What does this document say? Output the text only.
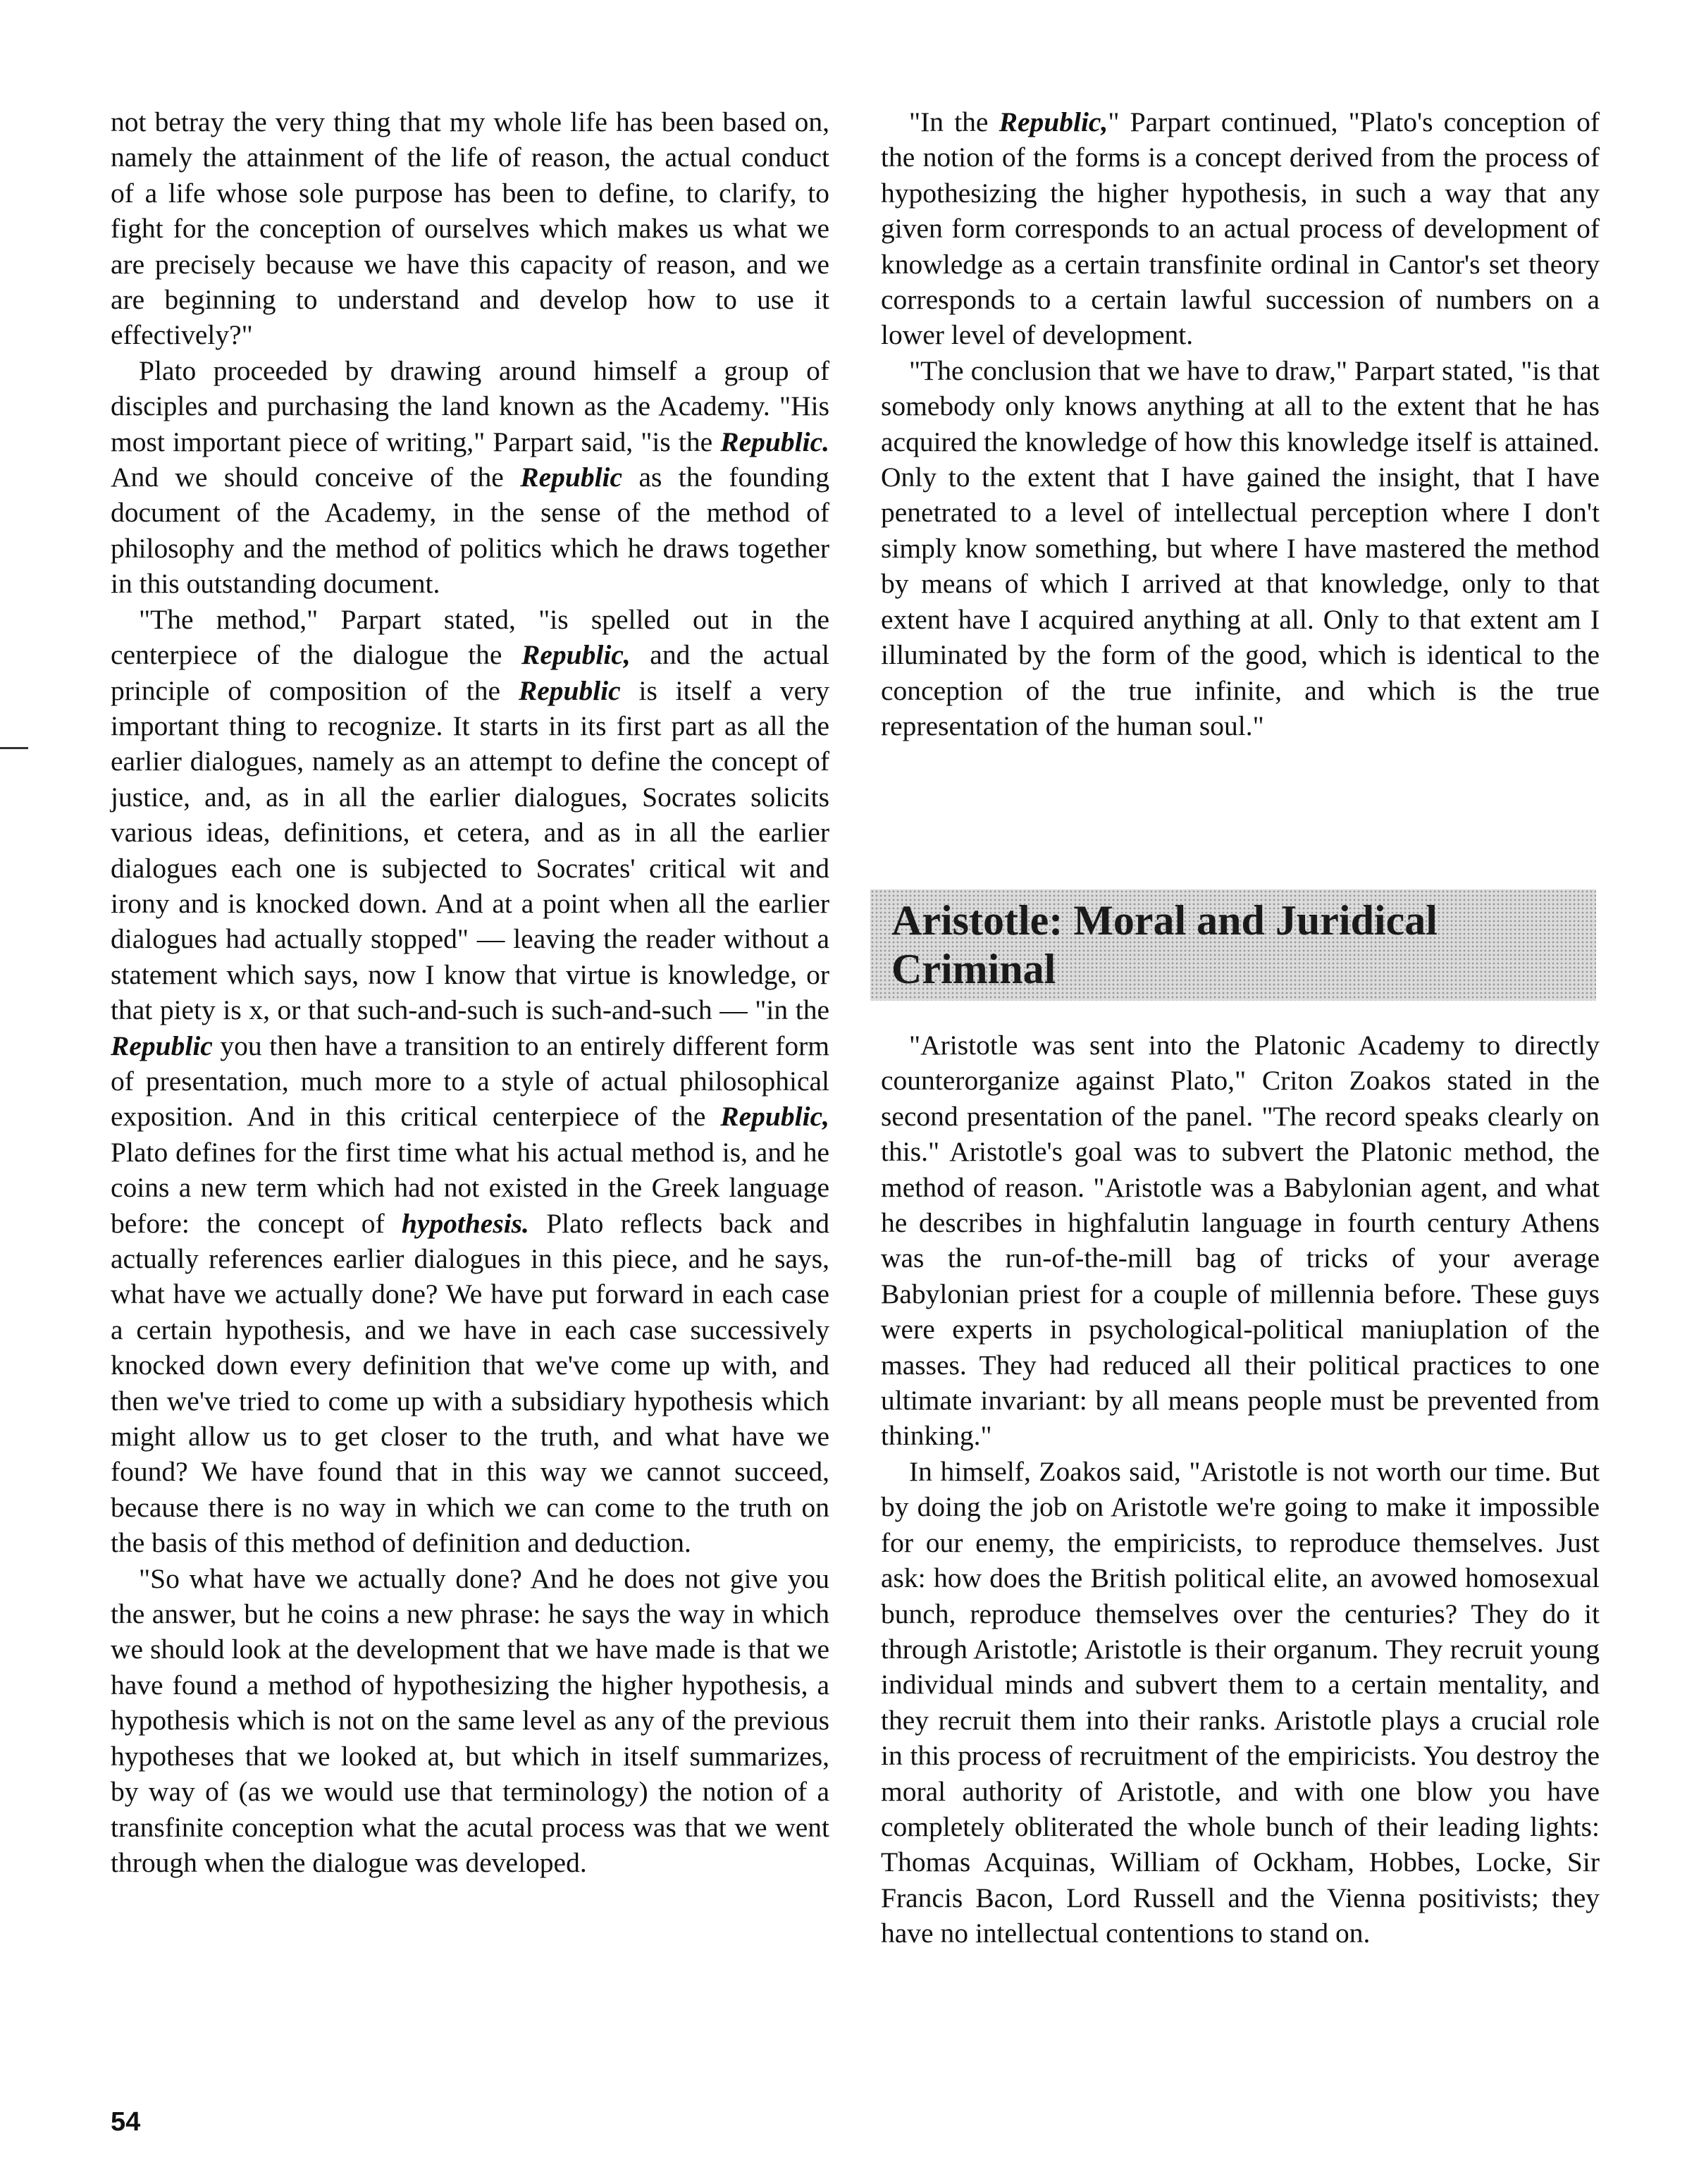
not betray the very thing that my whole life has been based on, namely the attainment of the life of reason, the actual conduct of a life whose sole purpose has been to define, to clarify, to fight for the conception of ourselves which makes us what we are precisely because we have this capacity of reason, and we are beginning to understand and develop how to use it effectively?"

Plato proceeded by drawing around himself a group of disciples and purchasing the land known as the Academy. "His most important piece of writing," Parpart said, "is the Republic. And we should conceive of the Republic as the founding document of the Academy, in the sense of the method of philosophy and the method of politics which he draws together in this outstanding document.

"The method," Parpart stated, "is spelled out in the centerpiece of the dialogue the Republic, and the actual principle of composition of the Republic is itself a very important thing to recognize. It starts in its first part as all the earlier dialogues, namely as an attempt to define the concept of justice, and, as in all the earlier dialogues, Socrates solicits various ideas, definitions, et cetera, and as in all the earlier dialogues each one is subjected to Socrates' critical wit and irony and is knocked down. And at a point when all the earlier dialogues had actually stopped" — leaving the reader without a statement which says, now I know that virtue is knowledge, or that piety is x, or that such-and-such is such-and-such — "in the Republic you then have a transition to an entirely different form of presentation, much more to a style of actual philosophical exposition. And in this critical centerpiece of the Republic, Plato defines for the first time what his actual method is, and he coins a new term which had not existed in the Greek language before: the concept of hypothesis. Plato reflects back and actually references earlier dialogues in this piece, and he says, what have we actually done? We have put forward in each case a certain hypothesis, and we have in each case successively knocked down every definition that we've come up with, and then we've tried to come up with a subsidiary hypothesis which might allow us to get closer to the truth, and what have we found? We have found that in this way we cannot succeed, because there is no way in which we can come to the truth on the basis of this method of definition and deduction.

"So what have we actually done? And he does not give you the answer, but he coins a new phrase: he says the way in which we should look at the development that we have made is that we have found a method of hypothesizing the higher hypothesis, a hypothesis which is not on the same level as any of the previous hypotheses that we looked at, but which in itself summarizes, by way of (as we would use that terminology) the notion of a transfinite conception what the acutal process was that we went through when the dialogue was developed.

"In the Republic," Parpart continued, "Plato's conception of the notion of the forms is a concept derived from the process of hypothesizing the higher hypothesis, in such a way that any given form corresponds to an actual process of development of knowledge as a certain transfinite ordinal in Cantor's set theory corresponds to a certain lawful succession of numbers on a lower level of development.

"The conclusion that we have to draw," Parpart stated, "is that somebody only knows anything at all to the extent that he has acquired the knowledge of how this knowledge itself is attained. Only to the extent that I have gained the insight, that I have penetrated to a level of intellectual perception where I don't simply know something, but where I have mastered the method by means of which I arrived at that knowledge, only to that extent have I acquired anything at all. Only to that extent am I illuminated by the form of the good, which is identical to the conception of the true infinite, and which is the true representation of the human soul."

Aristotle: Moral and Juridical Criminal

"Aristotle was sent into the Platonic Academy to directly counterorganize against Plato," Criton Zoakos stated in the second presentation of the panel. "The record speaks clearly on this." Aristotle's goal was to subvert the Platonic method, the method of reason. "Aristotle was a Babylonian agent, and what he describes in highfalutin language in fourth century Athens was the run-of-the-mill bag of tricks of your average Babylonian priest for a couple of millennia before. These guys were experts in psychological-political maniuplation of the masses. They had reduced all their political practices to one ultimate invariant: by all means people must be prevented from thinking."

In himself, Zoakos said, "Aristotle is not worth our time. But by doing the job on Aristotle we're going to make it impossible for our enemy, the empiricists, to reproduce themselves. Just ask: how does the British political elite, an avowed homosexual bunch, reproduce themselves over the centuries? They do it through Aristotle; Aristotle is their organum. They recruit young individual minds and subvert them to a certain mentality, and they recruit them into their ranks. Aristotle plays a crucial role in this process of recruitment of the empiricists. You destroy the moral authority of Aristotle, and with one blow you have completely obliterated the whole bunch of their leading lights: Thomas Acquinas, William of Ockham, Hobbes, Locke, Sir Francis Bacon, Lord Russell and the Vienna positivists; they have no intellectual contentions to stand on.

54
